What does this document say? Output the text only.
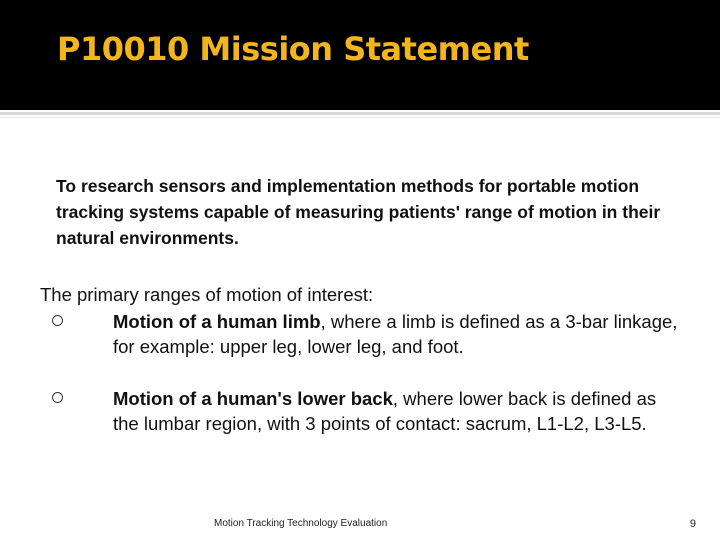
P10010 Mission Statement
To research sensors and implementation methods for portable motion tracking systems capable of measuring patients' range of motion in their natural environments.
The primary ranges of motion of interest:
Motion of a human limb, where a limb is defined as a 3-bar linkage, for example: upper leg, lower leg, and foot.
Motion of a human's lower back, where lower back is defined as the lumbar region, with 3 points of contact: sacrum, L1-L2, L3-L5.
Motion Tracking Technology Evaluation	9
